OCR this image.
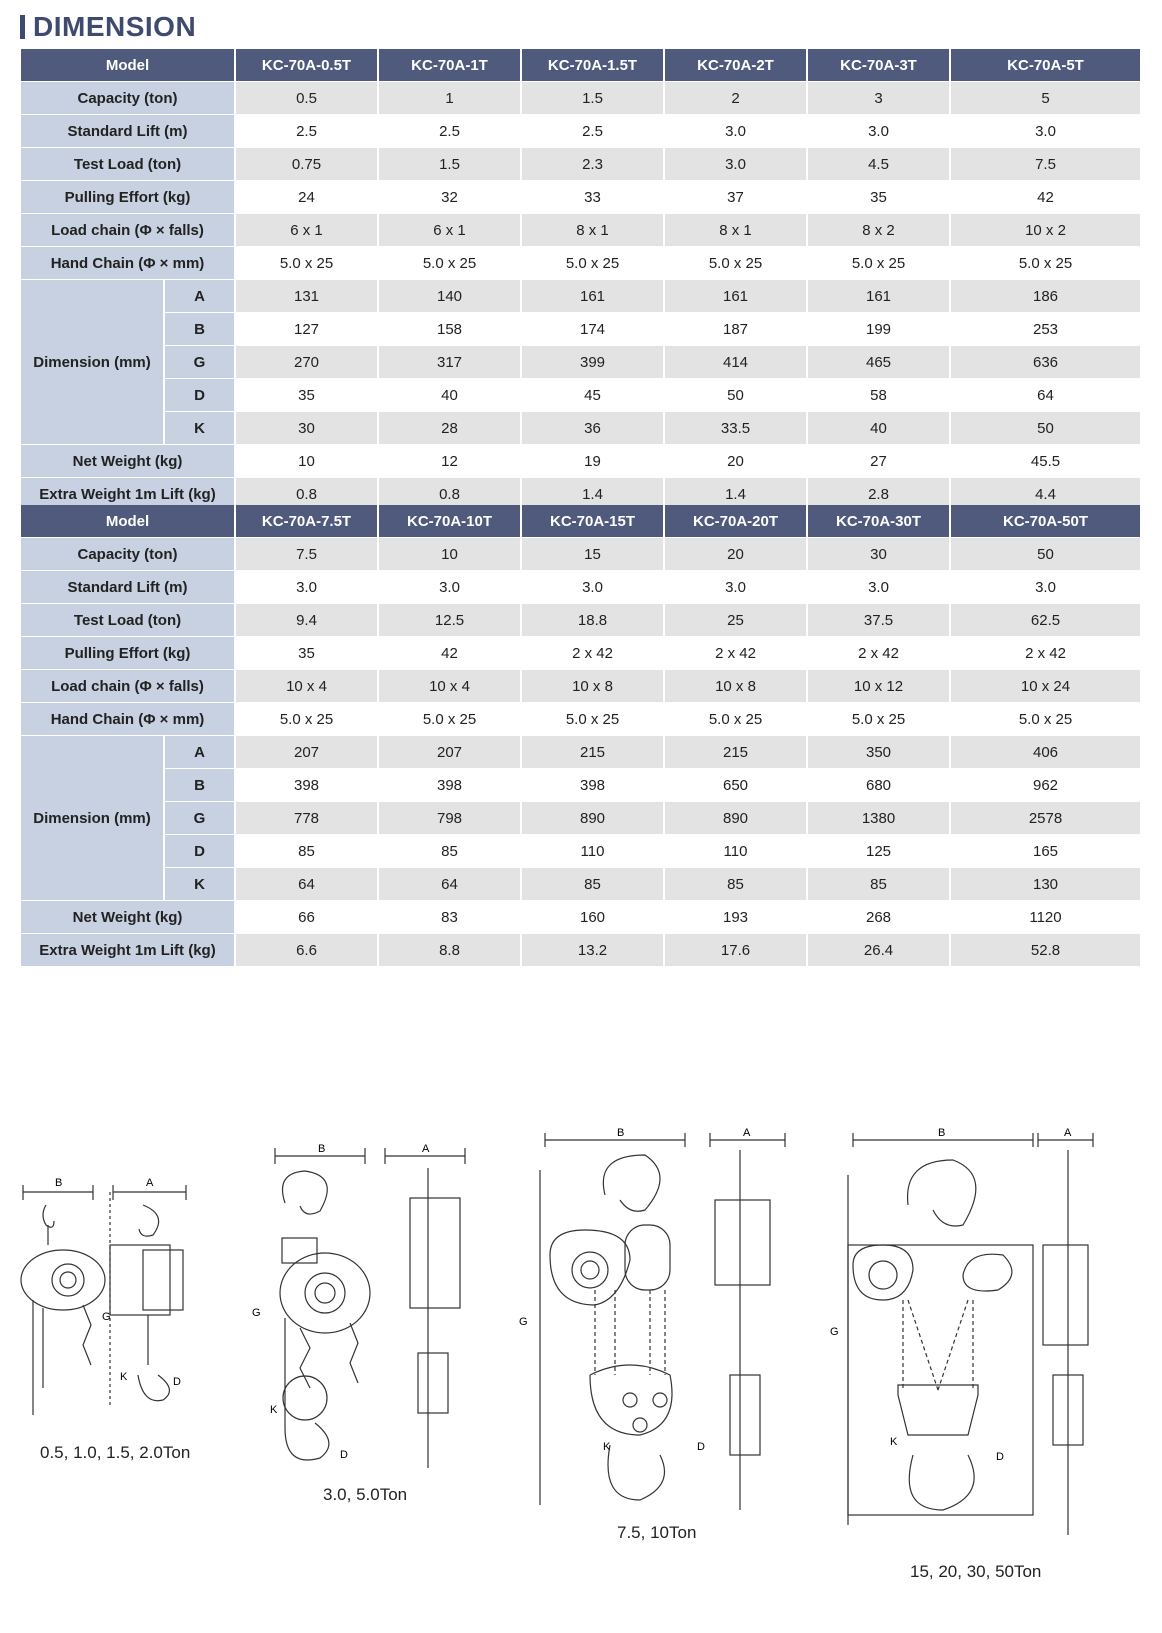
DIMENSION
Model		KC-70A-0.5T	KC-70A-1T	KC-70A-1.5T	KC-70A-2T	KC-70A-3T	KC-70A-5T
Capacity (ton)		0.5	1	1.5	2	3	5
Standard Lift (m)		2.5	2.5	2.5	3.0	3.0	3.0
Test Load (ton)		0.75	1.5	2.3	3.0	4.5	7.5
Pulling Effort (kg)		24	32	33	37	35	42
Load chain (Φ × falls)		6 x 1	6 x 1	8 x 1	8 x 1	8 x 2	10 x 2
Hand Chain (Φ × mm)		5.0 x 25	5.0 x 25	5.0 x 25	5.0 x 25	5.0 x 25	5.0 x 25
Dimension (mm)	A	131	140	161	161	161	186
	B	127	158	174	187	199	253
	G	270	317	399	414	465	636
	D	35	40	45	50	58	64
	K	30	28	36	33.5	40	50
Net Weight (kg)		10	12	19	20	27	45.5
Extra Weight 1m Lift (kg)		0.8	0.8	1.4	1.4	2.8	4.4
Model		KC-70A-7.5T	KC-70A-10T	KC-70A-15T	KC-70A-20T	KC-70A-30T	KC-70A-50T
Capacity (ton)		7.5	10	15	20	30	50
Standard Lift (m)		3.0	3.0	3.0	3.0	3.0	3.0
Test Load (ton)		9.4	12.5	18.8	25	37.5	62.5
Pulling Effort (kg)		35	42	2 x 42	2 x 42	2 x 42	2 x 42
Load chain (Φ × falls)		10 x 4	10 x 4	10 x 8	10 x 8	10 x 12	10 x 24
Hand Chain (Φ × mm)		5.0 x 25	5.0 x 25	5.0 x 25	5.0 x 25	5.0 x 25	5.0 x 25
Dimension (mm)	A	207	207	215	215	350	406
	B	398	398	398	650	680	962
	G	778	798	890	890	1380	2578
	D	85	85	110	110	125	165
	K	64	64	85	85	85	130
Net Weight (kg)		66	83	160	193	268	1120
Extra Weight 1m Lift (kg)		6.6	8.8	13.2	17.6	26.4	52.8
B	A
G
K	D
0.5, 1.0, 1.5, 2.0Ton
B	A
G
K
D
3.0, 5.0Ton
B	A
G
K	D
7.5, 10Ton
B	A
G
K
D
15, 20, 30, 50Ton
